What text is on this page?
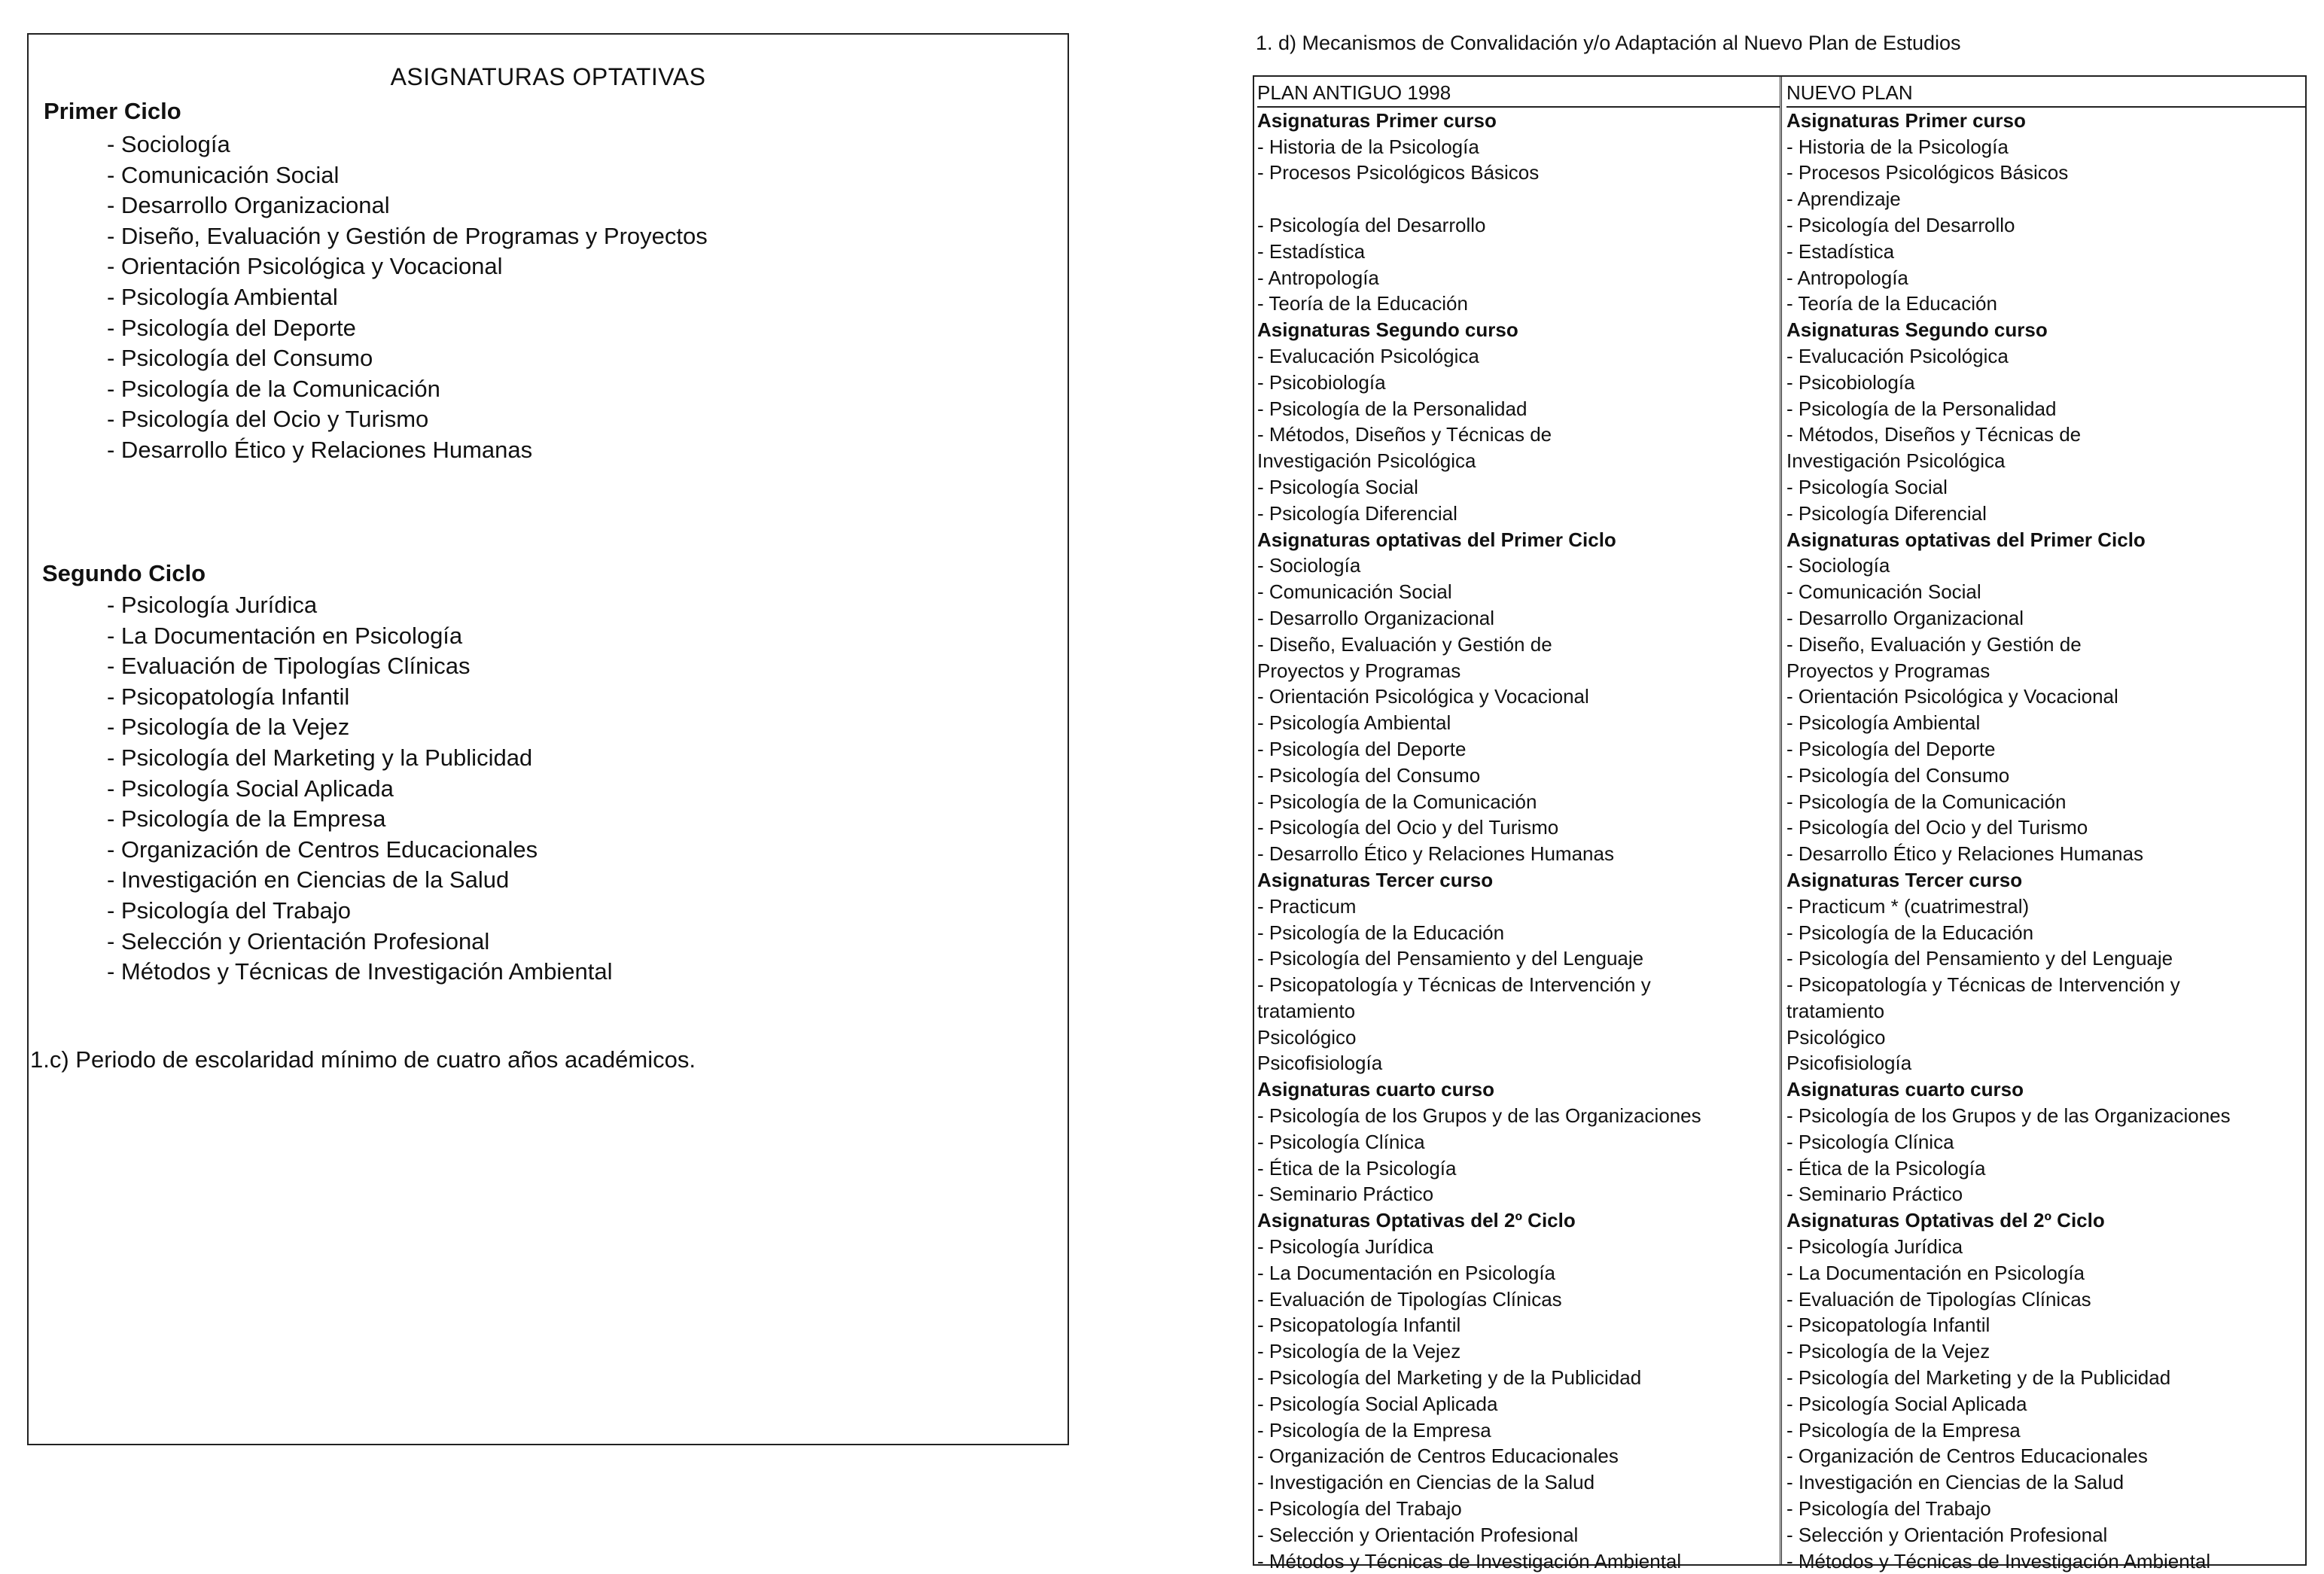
ASIGNATURAS OPTATIVAS
Primer Ciclo
- Sociología
- Comunicación Social
- Desarrollo Organizacional
- Diseño, Evaluación y Gestión de Programas y Proyectos
- Orientación Psicológica y Vocacional
- Psicología Ambiental
- Psicología del Deporte
- Psicología del Consumo
- Psicología de la Comunicación
- Psicología del Ocio y Turismo
- Desarrollo Ético y Relaciones Humanas
Segundo Ciclo
- Psicología Jurídica
- La Documentación en Psicología
- Evaluación de Tipologías Clínicas
- Psicopatología Infantil
- Psicología de la Vejez
- Psicología del Marketing y la Publicidad
- Psicología Social Aplicada
- Psicología de la Empresa
- Organización de Centros Educacionales
- Investigación en Ciencias de la Salud
- Psicología del Trabajo
- Selección y Orientación Profesional
- Métodos y Técnicas de Investigación Ambiental
1.c) Periodo de escolaridad mínimo de cuatro años académicos.
1. d) Mecanismos de Convalidación y/o Adaptación al Nuevo Plan de Estudios
PLAN ANTIGUO 1998
Asignaturas Primer curso
- Historia de la Psicología
- Procesos Psicológicos Básicos

- Psicología del Desarrollo
- Estadística
- Antropología
- Teoría de la Educación
Asignaturas Segundo curso
- Evalucación Psicológica
- Psicobiología
- Psicología de la Personalidad
- Métodos, Diseños y Técnicas de
Investigación Psicológica
- Psicología Social
- Psicología Diferencial
Asignaturas optativas del Primer Ciclo
- Sociología
- Comunicación Social
- Desarrollo Organizacional
- Diseño, Evaluación y Gestión de
Proyectos y Programas
- Orientación Psicológica y Vocacional
- Psicología Ambiental
- Psicología del Deporte
- Psicología del Consumo
- Psicología de la Comunicación
- Psicología del Ocio y del Turismo
- Desarrollo Ético y Relaciones Humanas
Asignaturas Tercer curso
- Practicum
- Psicología de la Educación
- Psicología del Pensamiento y del Lenguaje
- Psicopatología y Técnicas de Intervención y
tratamiento
Psicológico
Psicofisiología
Asignaturas cuarto curso
- Psicología de los Grupos y de las Organizaciones
- Psicología Clínica
- Ética de la Psicología
- Seminario Práctico
Asignaturas Optativas del 2º Ciclo
- Psicología Jurídica
- La Documentación en Psicología
- Evaluación de Tipologías Clínicas
- Psicopatología Infantil
- Psicología de la Vejez
- Psicología del Marketing y de la Publicidad
- Psicología Social Aplicada
- Psicología de la Empresa
- Organización de Centros Educacionales
- Investigación en Ciencias de la Salud
- Psicología del Trabajo
- Selección y Orientación Profesional
- Métodos y Técnicas de Investigación Ambiental
NUEVO PLAN
Asignaturas Primer curso
- Historia de la Psicología
- Procesos Psicológicos Básicos
- Aprendizaje
- Psicología del Desarrollo
- Estadística
- Antropología
- Teoría de la Educación
Asignaturas Segundo curso
- Evalucación Psicológica
- Psicobiología
- Psicología de la Personalidad
- Métodos, Diseños y Técnicas de
Investigación Psicológica
- Psicología Social
- Psicología Diferencial
Asignaturas optativas del Primer Ciclo
- Sociología
- Comunicación Social
- Desarrollo Organizacional
- Diseño, Evaluación y Gestión de
Proyectos y Programas
- Orientación Psicológica y Vocacional
- Psicología Ambiental
- Psicología del Deporte
- Psicología del Consumo
- Psicología de la Comunicación
- Psicología del Ocio y del Turismo
- Desarrollo Ético y Relaciones Humanas
Asignaturas Tercer curso
- Practicum * (cuatrimestral)
- Psicología de la Educación
- Psicología del Pensamiento y del Lenguaje
- Psicopatología y Técnicas de Intervención y
tratamiento
Psicológico
Psicofisiología
Asignaturas cuarto curso
- Psicología de los Grupos y de las Organizaciones
- Psicología Clínica
- Ética de la Psicología
- Seminario Práctico
Asignaturas Optativas del 2º Ciclo
- Psicología Jurídica
- La Documentación en Psicología
- Evaluación de Tipologías Clínicas
- Psicopatología Infantil
- Psicología de la Vejez
- Psicología del Marketing y de la Publicidad
- Psicología Social Aplicada
- Psicología de la Empresa
- Organización de Centros Educacionales
- Investigación en Ciencias de la Salud
- Psicología del Trabajo
- Selección y Orientación Profesional
- Métodos y Técnicas de Investigación Ambiental
